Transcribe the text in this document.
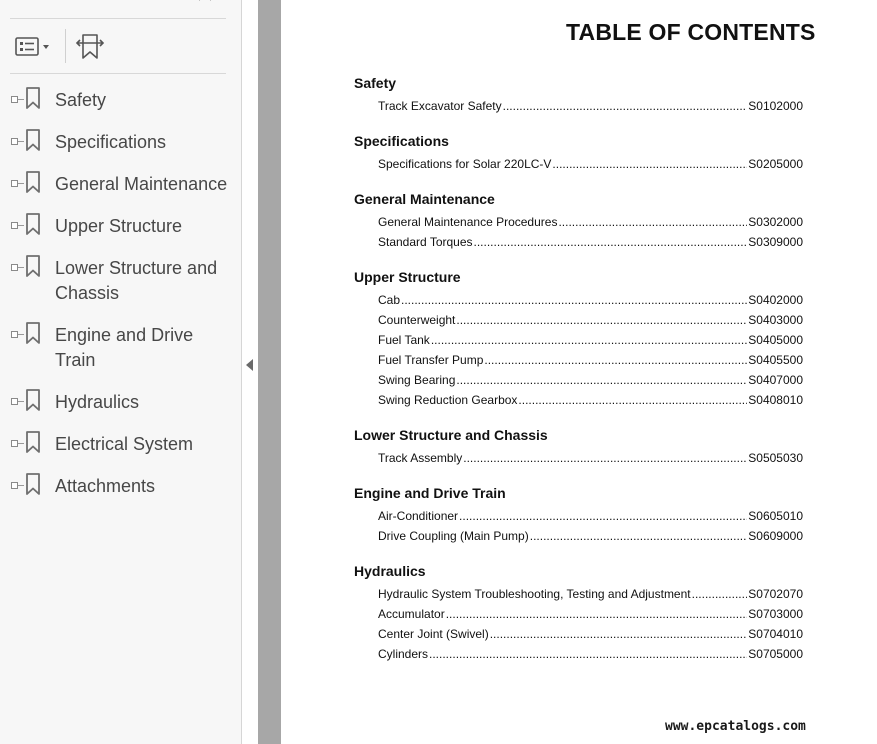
Safety
Specifications
General Maintenance
Upper Structure
Lower Structure and Chassis
Engine and Drive Train
Hydraulics
Electrical System
Attachments
TABLE OF CONTENTS
Safety
Track Excavator Safety .....	S0102000
Specifications
Specifications for Solar 220LC-V .....	S0205000
General Maintenance
General Maintenance Procedures .....	S0302000
Standard Torques .....	S0309000
Upper Structure
Cab .....	S0402000
Counterweight .....	S0403000
Fuel Tank .....	S0405000
Fuel Transfer Pump .....	S0405500
Swing Bearing .....	S0407000
Swing Reduction Gearbox .....	S0408010
Lower Structure and Chassis
Track Assembly .....	S0505030
Engine and Drive Train
Air-Conditioner .....	S0605010
Drive Coupling (Main Pump) .....	S0609000
Hydraulics
Hydraulic System Troubleshooting, Testing and Adjustment .....	S0702070
Accumulator .....	S0703000
Center Joint (Swivel) .....	S0704010
Cylinders .....	S0705000
www.epcatalogs.com
